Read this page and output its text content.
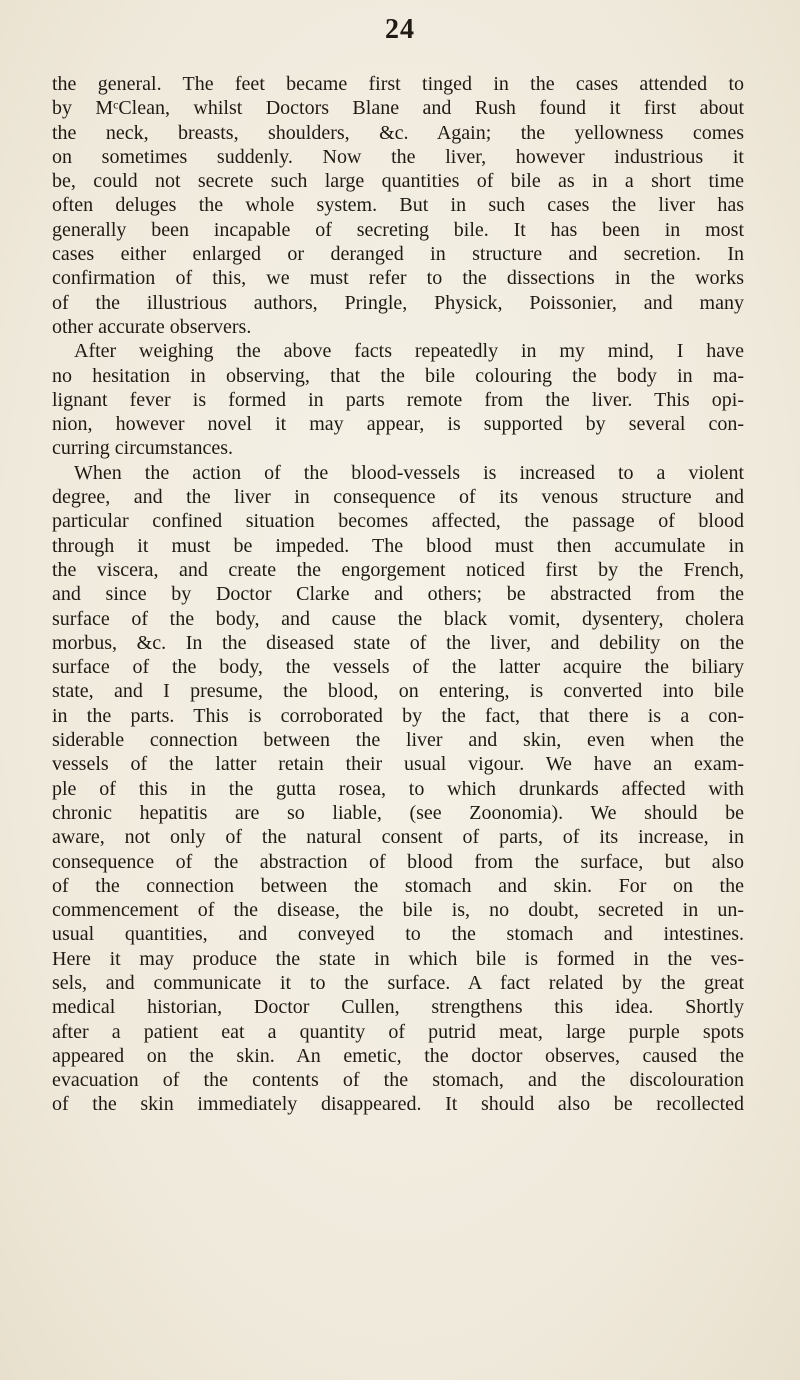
24
the general. The feet became first tinged in the cases attended to
by MᶜClean, whilst Doctors Blane and Rush found it first about
the neck, breasts, shoulders, &c. Again; the yellowness comes
on sometimes suddenly. Now the liver, however industrious it
be, could not secrete such large quantities of bile as in a short time
often deluges the whole system. But in such cases the liver has
generally been incapable of secreting bile. It has been in most
cases either enlarged or deranged in structure and secretion. In
confirmation of this, we must refer to the dissections in the works
of the illustrious authors, Pringle, Physick, Poissonier, and many
other accurate observers.
After weighing the above facts repeatedly in my mind, I have
no hesitation in observing, that the bile colouring the body in ma-
lignant fever is formed in parts remote from the liver. This opi-
nion, however novel it may appear, is supported by several con-
curring circumstances.
When the action of the blood-vessels is increased to a violent
degree, and the liver in consequence of its venous structure and
particular confined situation becomes affected, the passage of blood
through it must be impeded. The blood must then accumulate in
the viscera, and create the engorgement noticed first by the French,
and since by Doctor Clarke and others; be abstracted from the
surface of the body, and cause the black vomit, dysentery, cholera
morbus, &c. In the diseased state of the liver, and debility on the
surface of the body, the vessels of the latter acquire the biliary
state, and I presume, the blood, on entering, is converted into bile
in the parts. This is corroborated by the fact, that there is a con-
siderable connection between the liver and skin, even when the
vessels of the latter retain their usual vigour. We have an exam-
ple of this in the gutta rosea, to which drunkards affected with
chronic hepatitis are so liable, (see Zoonomia). We should be
aware, not only of the natural consent of parts, of its increase, in
consequence of the abstraction of blood from the surface, but also
of the connection between the stomach and skin. For on the
commencement of the disease, the bile is, no doubt, secreted in un-
usual quantities, and conveyed to the stomach and intestines.
Here it may produce the state in which bile is formed in the ves-
sels, and communicate it to the surface. A fact related by the great
medical historian, Doctor Cullen, strengthens this idea. Shortly
after a patient eat a quantity of putrid meat, large purple spots
appeared on the skin. An emetic, the doctor observes, caused the
evacuation of the contents of the stomach, and the discolouration
of the skin immediately disappeared. It should also be recollected
